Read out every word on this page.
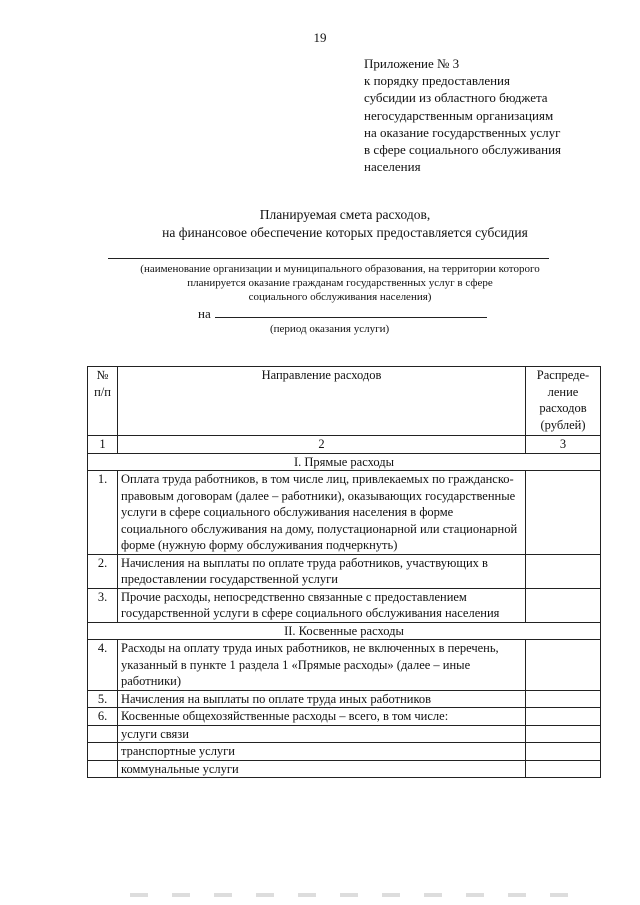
19
Приложение № 3
к порядку предоставления
субсидии из областного бюджета
негосударственным организациям
на оказание государственных услуг
в сфере социального обслуживания
населения
Планируемая смета расходов,
на финансовое обеспечение которых предоставляется субсидия
(наименование организации и муниципального образования, на территории которого
планируется оказание гражданам государственных услуг в сфере
социального обслуживания населения)
на
(период оказания услуги)
№ п/п	Направление расходов	Распреде-ление расходов (рублей)
1	2	3
I. Прямые расходы		
1.	Оплата труда работников, в том числе лиц, привлекаемых по гражданско-правовым договорам (далее – работники), оказывающих государственные услуги в сфере социального обслуживания населения в форме социального обслуживания на дому, полустационарной или стационарной форме (нужную форму обслуживания подчеркнуть)	
2.	Начисления на выплаты по оплате труда работников, участвующих в предоставлении государственной услуги	
3.	Прочие расходы, непосредственно связанные с предоставлением государственной услуги в сфере социального обслуживания населения	
II. Косвенные расходы		
4.	Расходы на оплату труда иных работников, не включенных в перечень, указанный в пункте 1 раздела 1 «Прямые расходы» (далее – иные работники)	
5.	Начисления на выплаты по оплате труда иных работников	
6.	Косвенные общехозяйственные расходы – всего, в том числе:	
	услуги связи	
	транспортные услуги	
	коммунальные услуги	
